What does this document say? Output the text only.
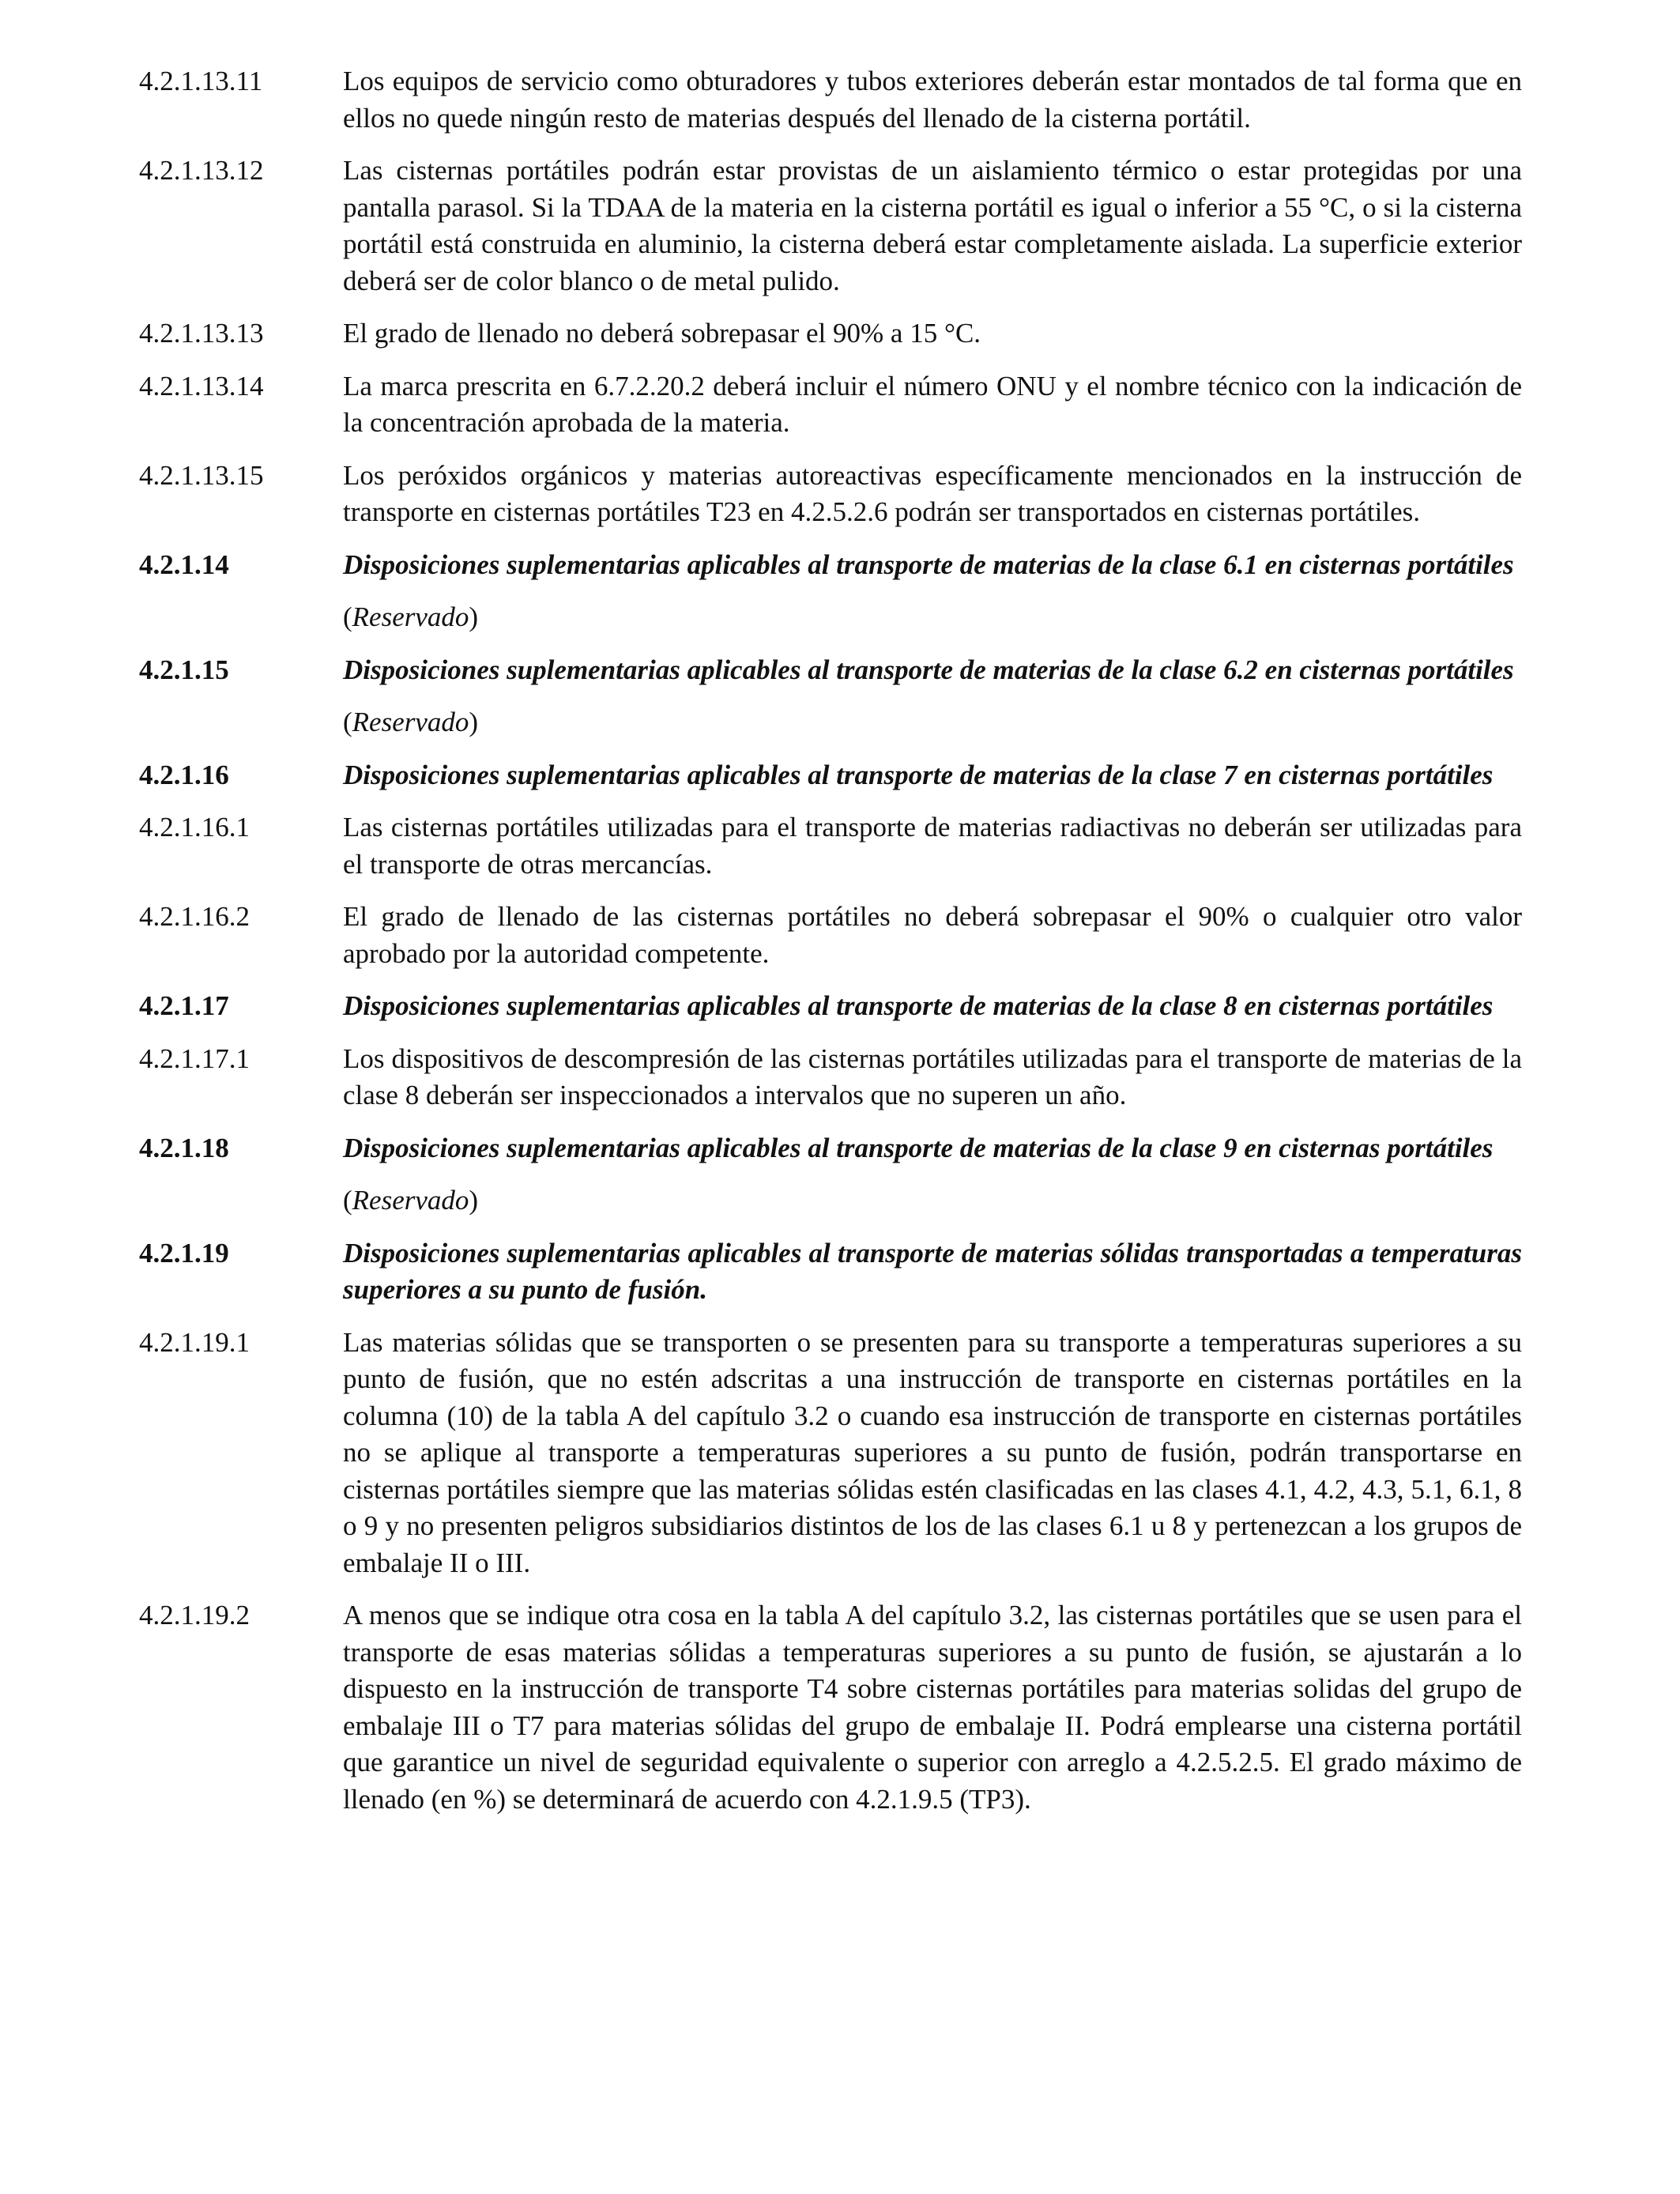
4.2.1.13.11	Los equipos de servicio como obturadores y tubos exteriores deberán estar montados de tal forma que en ellos no quede ningún resto de materias después del llenado de la cisterna portátil.
4.2.1.13.12	Las cisternas portátiles podrán estar provistas de un aislamiento térmico o estar protegidas por una pantalla parasol. Si la TDAA de la materia en la cisterna portátil es igual o inferior a 55 °C, o si la cisterna portátil está construida en aluminio, la cisterna deberá estar completamente aislada. La superficie exterior deberá ser de color blanco o de metal pulido.
4.2.1.13.13	El grado de llenado no deberá sobrepasar el 90% a 15 °C.
4.2.1.13.14	La marca prescrita en 6.7.2.20.2 deberá incluir el número ONU y el nombre técnico con la indicación de la concentración aprobada de la materia.
4.2.1.13.15	Los peróxidos orgánicos y materias autoreactivas específicamente mencionados en la instrucción de transporte en cisternas portátiles T23 en 4.2.5.2.6 podrán ser transportados en cisternas portátiles.
4.2.1.14	Disposiciones suplementarias aplicables al transporte de materias de la clase 6.1 en cisternas portátiles
(Reservado)
4.2.1.15	Disposiciones suplementarias aplicables al transporte de materias de la clase 6.2 en cisternas portátiles
(Reservado)
4.2.1.16	Disposiciones suplementarias aplicables al transporte de materias de la clase 7 en cisternas portátiles
4.2.1.16.1	Las cisternas portátiles utilizadas para el transporte de materias radiactivas no deberán ser utilizadas para el transporte de otras mercancías.
4.2.1.16.2	El grado de llenado de las cisternas portátiles no deberá sobrepasar el 90% o cualquier otro valor aprobado por la autoridad competente.
4.2.1.17	Disposiciones suplementarias aplicables al transporte de materias de la clase 8 en cisternas portátiles
4.2.1.17.1	Los dispositivos de descompresión de las cisternas portátiles utilizadas para el transporte de materias de la clase 8 deberán ser inspeccionados a intervalos que no superen un año.
4.2.1.18	Disposiciones suplementarias aplicables al transporte de materias de la clase 9 en cisternas portátiles
(Reservado)
4.2.1.19	Disposiciones suplementarias aplicables al transporte de materias sólidas transportadas a temperaturas superiores a su punto de fusión.
4.2.1.19.1	Las materias sólidas que se transporten o se presenten para su transporte a temperaturas superiores a su punto de fusión, que no estén adscritas a una instrucción de transporte en cisternas portátiles en la columna (10) de la tabla A del capítulo 3.2 o cuando esa instrucción de transporte en cisternas portátiles no se aplique al transporte a temperaturas superiores a su punto de fusión, podrán transportarse en cisternas portátiles siempre que las materias sólidas estén clasificadas en las clases 4.1, 4.2, 4.3, 5.1, 6.1, 8 o 9 y no presenten peligros subsidiarios distintos de los de las clases 6.1 u 8 y pertenezcan a los grupos de embalaje II o III.
4.2.1.19.2	A menos que se indique otra cosa en la tabla A del capítulo 3.2, las cisternas portátiles que se usen para el transporte de esas materias sólidas a temperaturas superiores a su punto de fusión, se ajustarán a lo dispuesto en la instrucción de transporte T4 sobre cisternas portátiles para materias solidas del grupo de embalaje III o T7 para materias sólidas del grupo de embalaje II. Podrá emplearse una cisterna portátil que garantice un nivel de seguridad equivalente o superior con arreglo a 4.2.5.2.5. El grado máximo de llenado (en %) se determinará de acuerdo con 4.2.1.9.5 (TP3).
